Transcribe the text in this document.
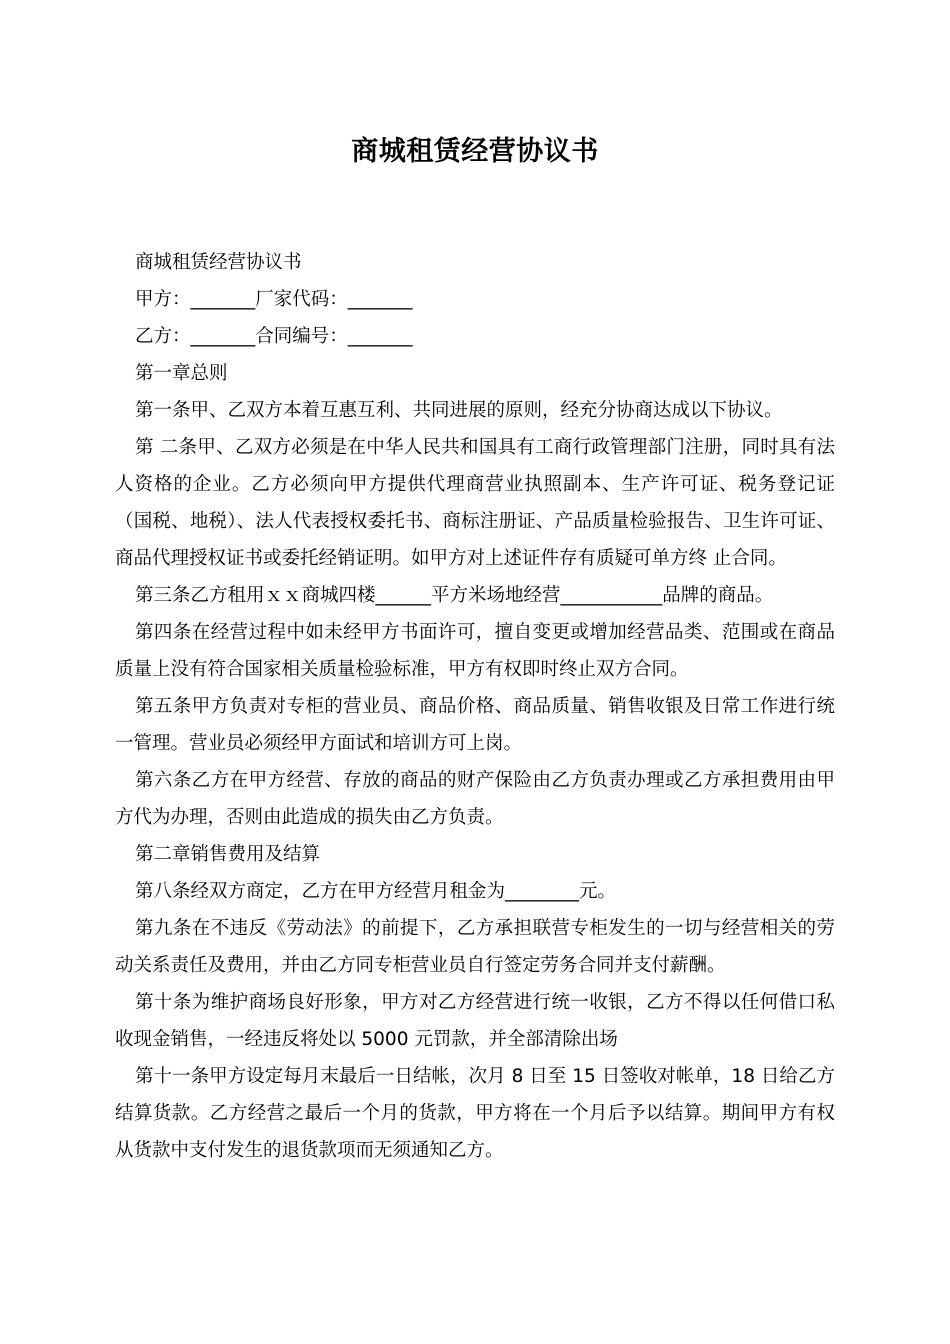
商城租赁经营协议书

商城租赁经营协议书

甲方：_______厂家代码：_______

乙方：_______合同编号：_______

第一章总则

第一条甲、乙双方本着互惠互利、共同进展的原则，经充分协商达成以下协议。

第 二条甲、乙双方必须是在中华人民共和国具有工商行政管理部门注册，同时具有法人资格的企业。乙方必须向甲方提供代理商营业执照副本、生产许可证、税务登记证（国税、地税）、法人代表授权委托书、商标注册证、产品质量检验报告、卫生许可证、商品代理授权证书或委托经销证明。如甲方对上述证件存有质疑可单方终 止合同。

第三条乙方租用ｘｘ商城四楼______平方米场地经营___________品牌的商品。

第四条在经营过程中如未经甲方书面许可，擅自变更或增加经营品类、范围或在商品质量上没有符合国家相关质量检验标准，甲方有权即时终止双方合同。

第五条甲方负责对专柜的营业员、商品价格、商品质量、销售收银及日常工作进行统一管理。营业员必须经甲方面试和培训方可上岗。

第六条乙方在甲方经营、存放的商品的财产保险由乙方负责办理或乙方承担费用由甲方代为办理，否则由此造成的损失由乙方负责。

第二章销售费用及结算

第八条经双方商定，乙方在甲方经营月租金为________元。

第九条在不违反《劳动法》的前提下，乙方承担联营专柜发生的一切与经营相关的劳动关系责任及费用，并由乙方同专柜营业员自行签定劳务合同并支付薪酬。

第十条为维护商场良好形象，甲方对乙方经营进行统一收银，乙方不得以任何借口私收现金销售，一经违反将处以 5000 元罚款，并全部清除出场

第十一条甲方设定每月末最后一日结帐，次月 8 日至 15 日签收对帐单，18 日给乙方结算货款。乙方经营之最后一个月的货款，甲方将在一个月后予以结算。期间甲方有权从货款中支付发生的退货款项而无须通知乙方。
